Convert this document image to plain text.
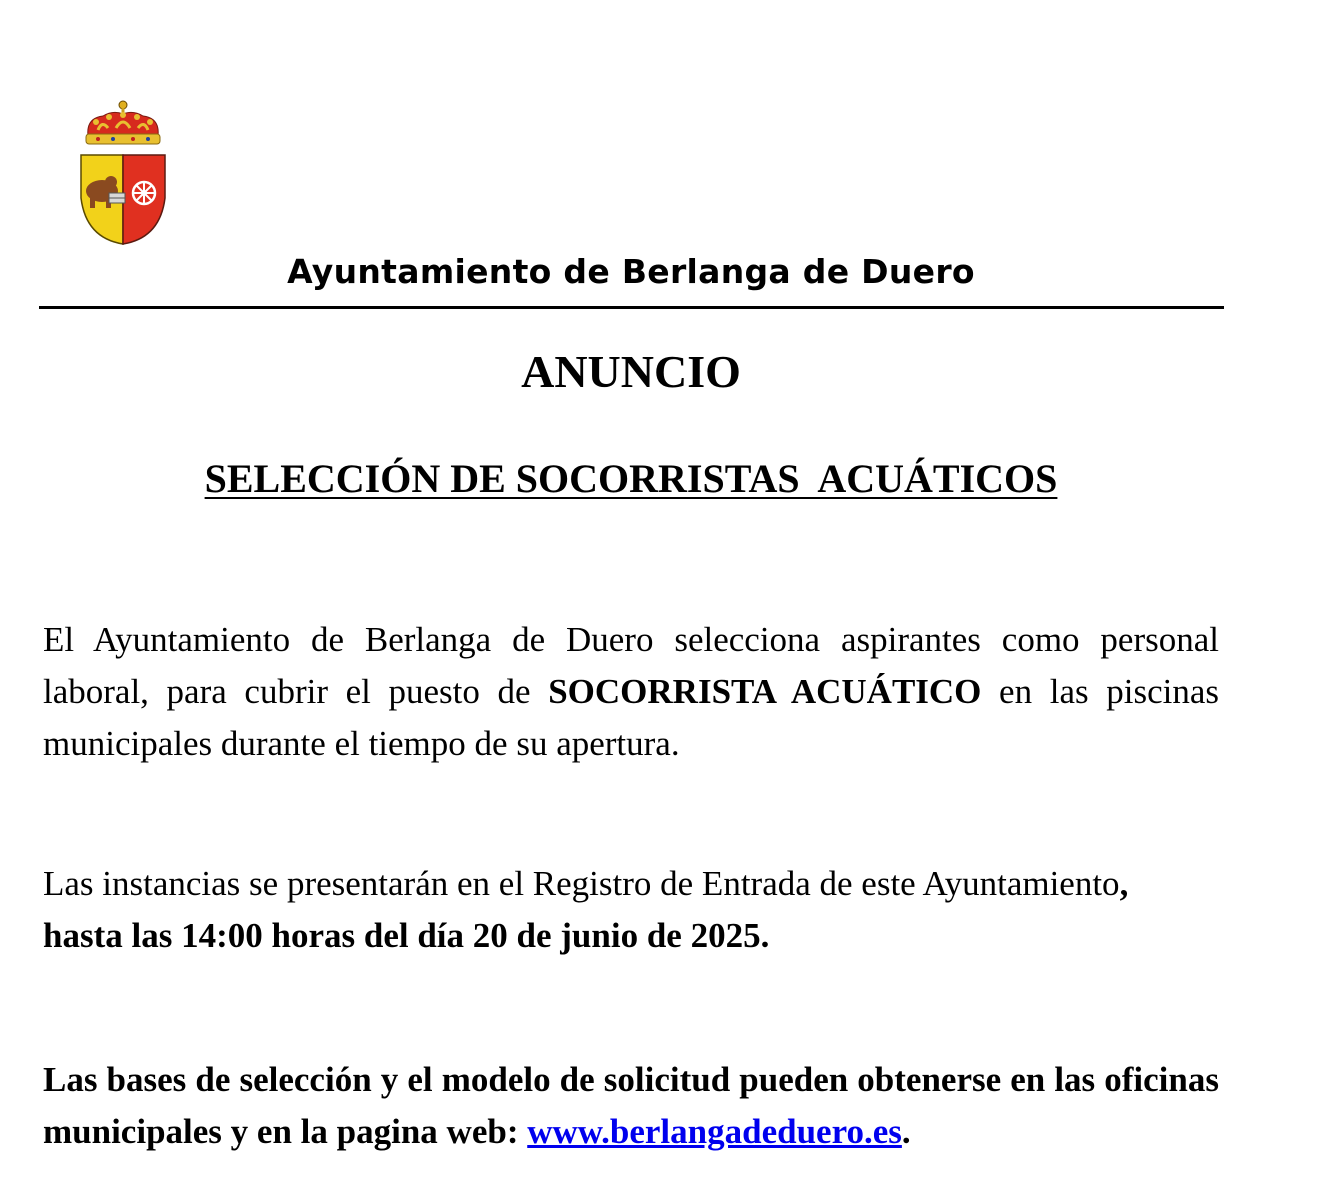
Ayuntamiento de Berlanga de Duero
ANUNCIO
SELECCIÓN DE SOCORRISTAS  ACUÁTICOS
El Ayuntamiento de Berlanga de Duero selecciona aspirantes como personal laboral, para cubrir el puesto de SOCORRISTA ACUÁTICO en las piscinas municipales durante el tiempo de su apertura.
Las instancias se presentarán en el Registro de Entrada de este Ayuntamiento,
hasta las 14:00 horas del día 20 de junio de 2025.
Las bases de selección y el modelo de solicitud pueden obtenerse en las oficinas municipales y en la pagina web: www.berlangadeduero.es.
